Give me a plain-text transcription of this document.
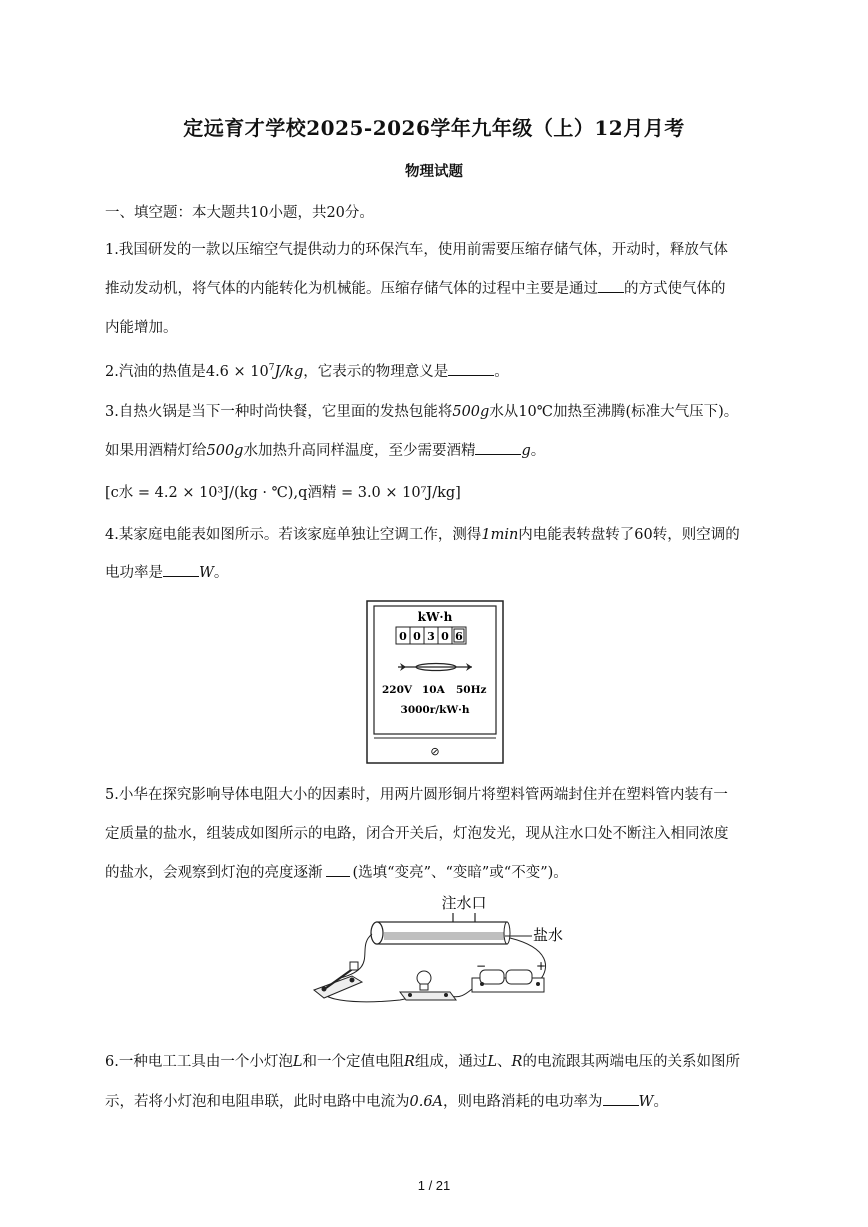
定远育才学校2025-2026学年九年级（上）12月月考
物理试题
一、填空题：本大题共10小题，共20分。
1.我国研发的一款以压缩空气提供动力的环保汽车，使用前需要压缩存储气体，开动时，释放气体
推动发动机，将气体的内能转化为机械能。压缩存储气体的过程中主要是通过 的方式使气体的
内能增加。
2.汽油的热值是$4.6 \times 10^7J/kg$，它表示的物理意义是	。
3.自热火锅是当下一种时尚快餐，它里面的发热包能将500g水从10℃加热至沸腾(标准大气压下)。
如果用酒精灯给500g水加热升高同样温度，至少需要酒精	g。
[c水 = 4.2 × 10³J/(kg · ℃),q酒精 = 3.0 × 10⁷J/kg]
4.某家庭电能表如图所示。若该家庭单独让空调工作，测得1min内电能表转盘转了60转，则空调的
电功率是 W。
kW·h
0 0 3 0 6
220V 10A 50Hz
3000r/kW·h
⊘
5.小华在探究影响导体电阻大小的因素时，用两片圆形铜片将塑料管两端封住并在塑料管内装有一
定质量的盐水，组装成如图所示的电路，闭合开关后，灯泡发光，现从注水口处不断注入相同浓度
的盐水，会观察到灯泡的亮度逐渐 (选填“变亮”、“变暗”或“不变”)。
注水口
盐水
−	+
6.一种电工工具由一个小灯泡L和一个定值电阻R组成，通过L、R的电流跟其两端电压的关系如图所
示，若将小灯泡和电阻串联，此时电路中电流为0.6A，则电路消耗的电功率为 W。
1 / 21
